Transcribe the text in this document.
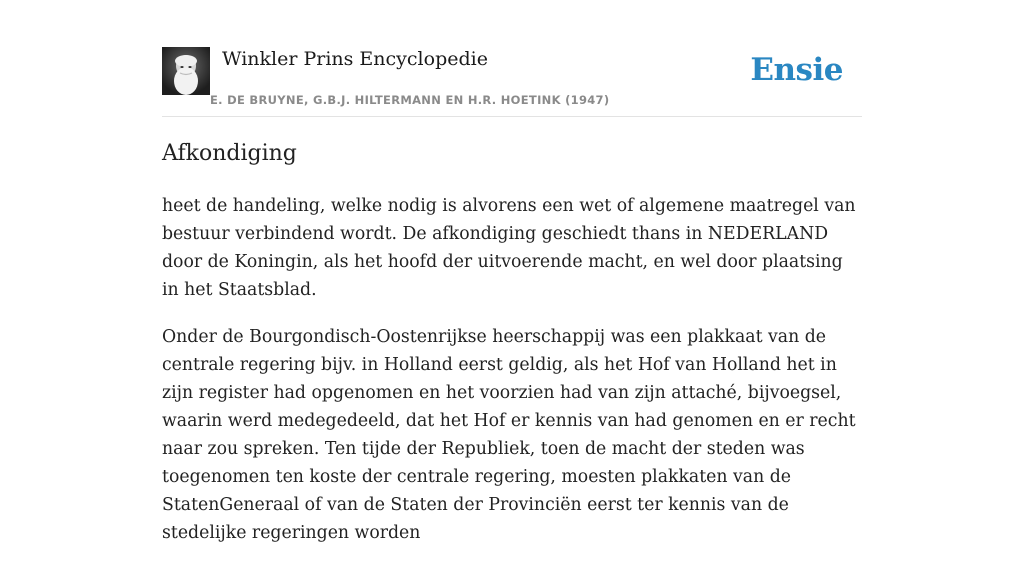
Winkler Prins Encyclopedie
E. DE BRUYNE, G.B.J. HILTERMANN EN H.R. HOETINK (1947)
Ensie
Afkondiging

heet de handeling, welke nodig is alvorens een wet of algemene maatregel van bestuur verbindend wordt. De afkondiging geschiedt thans in NEDERLAND door de Koningin, als het hoofd der uitvoerende macht, en wel door plaatsing in het Staatsblad.

Onder de Bourgondisch-Oostenrijkse heerschappij was een plakkaat van de centrale regering bijv. in Holland eerst geldig, als het Hof van Holland het in zijn register had opgenomen en het voorzien had van zijn attaché, bijvoegsel, waarin werd medegedeeld, dat het Hof er kennis van had genomen en er recht naar zou spreken. Ten tijde der Republiek, toen de macht der steden was toegenomen ten koste der centrale regering, moesten plakkaten van de StatenGeneraal of van de Staten der Provinciën eerst ter kennis van de stedelijke regeringen worden
